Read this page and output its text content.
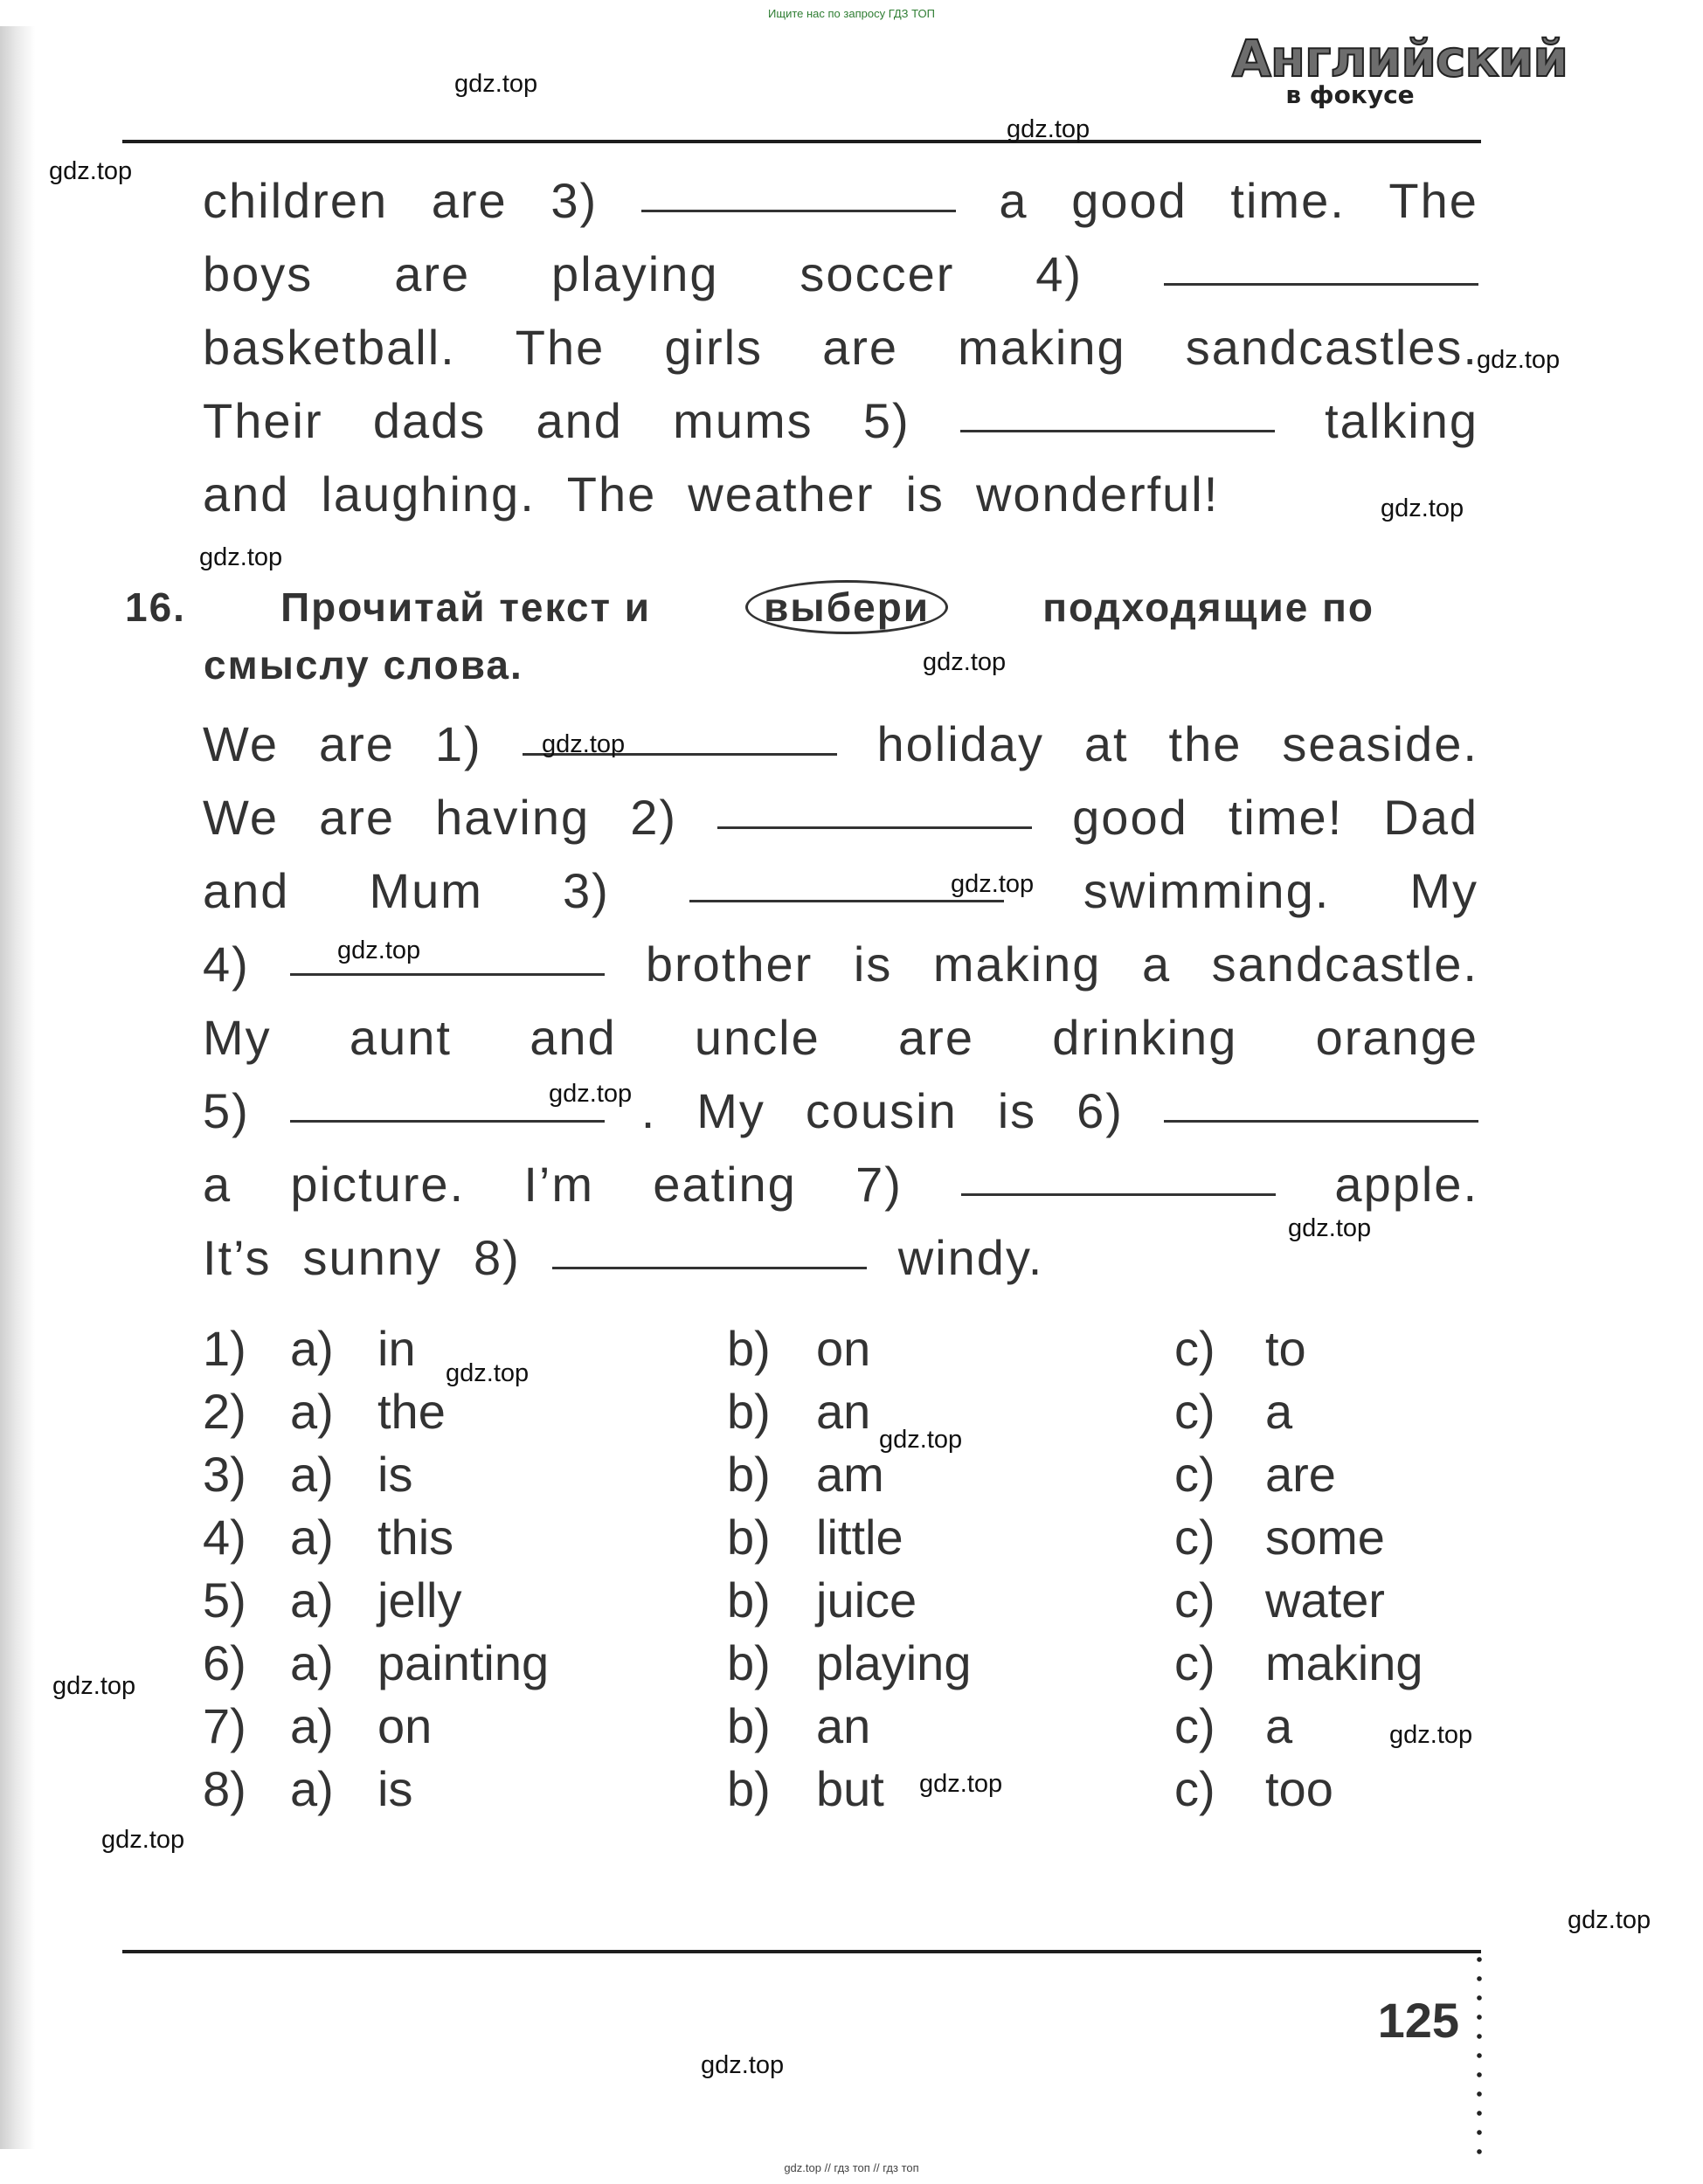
Ищите нас по запросу ГДЗ ТОП
Английский
в фокусе
children are 3)	a good time. The
boys are playing soccer 4)
basketball. The girls are making sandcastles.
Their dads and mums 5)	talking
and laughing. The weather is wonderful!
16. Прочитай текст и	выбери	подходящие по
смыслу слова.
We are 1)	holiday at the seaside.
We are having 2)	good time! Dad
and Mum 3)	swimming. My
4)	brother is making a sandcastle.
My aunt and uncle are drinking orange
5)	. My cousin is 6)
a picture. I’m eating 7)	apple.
It’s sunny 8)	windy.
1) a) in	b) on	c) to
2) a) the	b) an	c) a
3) a) is	b) am	c) are
4) a) this	b) little	c) some
5) a) jelly	b) juice	c) water
6) a) painting	b) playing	c) making
7) a) on	b) an	c) a
8) a) is	b) but	c) too
125
gdz.top // гдз топ // гдз топ
gdz.top
gdz.top
gdz.top
gdz.top
gdz.top
gdz.top
gdz.top
gdz.top
gdz.top
gdz.top
gdz.top
gdz.top
gdz.top
gdz.top
gdz.top
gdz.top
gdz.top
gdz.top
gdz.top
gdz.top
